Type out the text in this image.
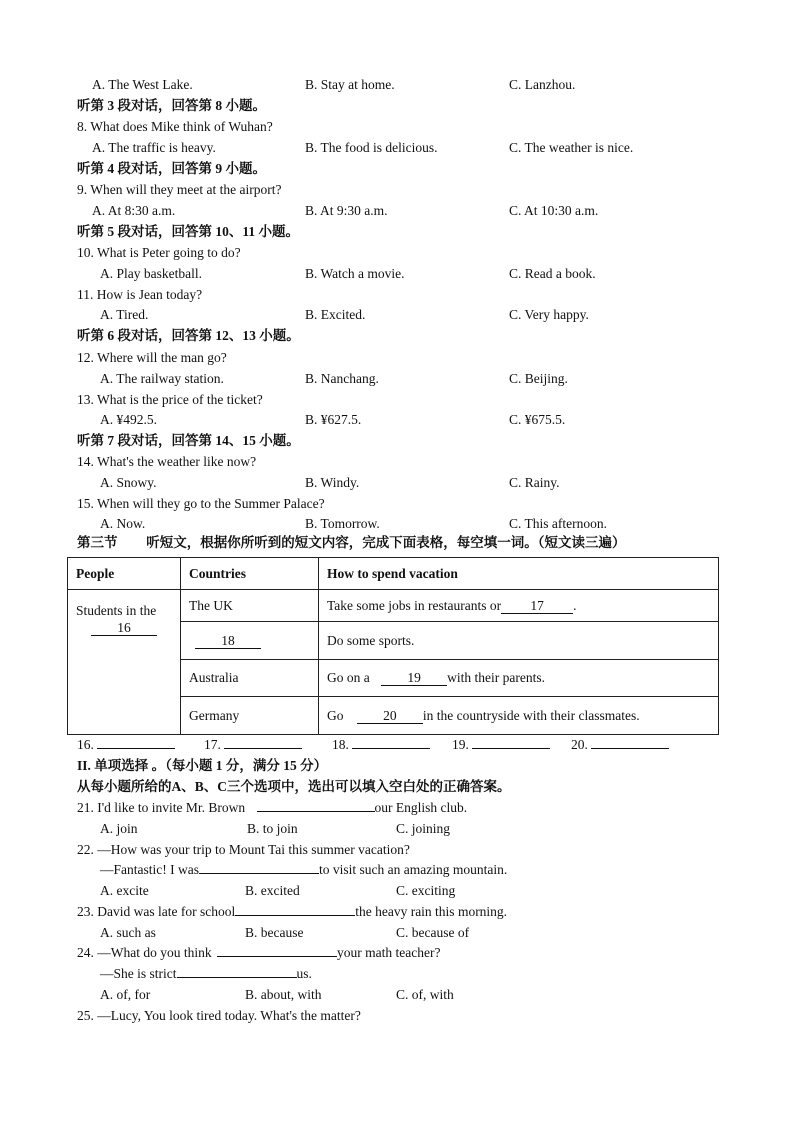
A. The West Lake.	B. Stay at home.	C. Lanzhou.
听第 3 段对话，回答第 8 小题。
8. What does Mike think of Wuhan?
A. The traffic is heavy.	B. The food is delicious.	C. The weather is nice.
听第 4 段对话，回答第 9 小题。
9. When will they meet at the airport?
A. At 8:30 a.m.	B. At 9:30 a.m.	C. At 10:30 a.m.
听第 5 段对话，回答第 10、11 小题。
10. What is Peter going to do?
A. Play basketball.	B. Watch a movie.	C. Read a book.
11. How is Jean today?
A. Tired.	B. Excited.	C. Very happy.
听第 6 段对话，回答第 12、13 小题。
12. Where will the man go?
A. The railway station.	B. Nanchang.	C. Beijing.
13. What is the price of the ticket?
A. ¥492.5.	B. ¥627.5.	C. ¥675.5.
听第 7 段对话，回答第 14、15 小题。
14. What's the weather like now?
A. Snowy.	B. Windy.	C. Rainy.
15. When will they go to the Summer Palace?
A. Now.	B. Tomorrow.	C. This afternoon.
第三节 听短文，根据你所听到的短文内容，完成下面表格，每空填一词。（短文读三遍）
People	Countries	How to spend vacation

Students in the
16	The UK	Take some jobs in restaurants or 17 .
	18	Do some sports.
	Australia	Go on a 19 with their parents.
	Germany	Go 20 in the countryside with their classmates.
16.	17.	18.	19.	20.
II. 单项选择 。（每小题 1 分，满分 15 分）
从每小题所给的A、B、C三个选项中，选出可以填入空白处的正确答案。
21. I'd like to invite Mr. Brown	our English club.
A. join	B. to join	C. joining
22. —How was your trip to Mount Tai this summer vacation?
—Fantastic! I was	to visit such an amazing mountain.
A. excite	B. excited	C. exciting
23. David was late for school	the heavy rain this morning.
A. such as	B. because	C. because of
24. —What do you think	your math teacher?
—She is strict	us.
A. of, for	B. about, with	C. of, with
25. —Lucy, You look tired today. What's the matter?
